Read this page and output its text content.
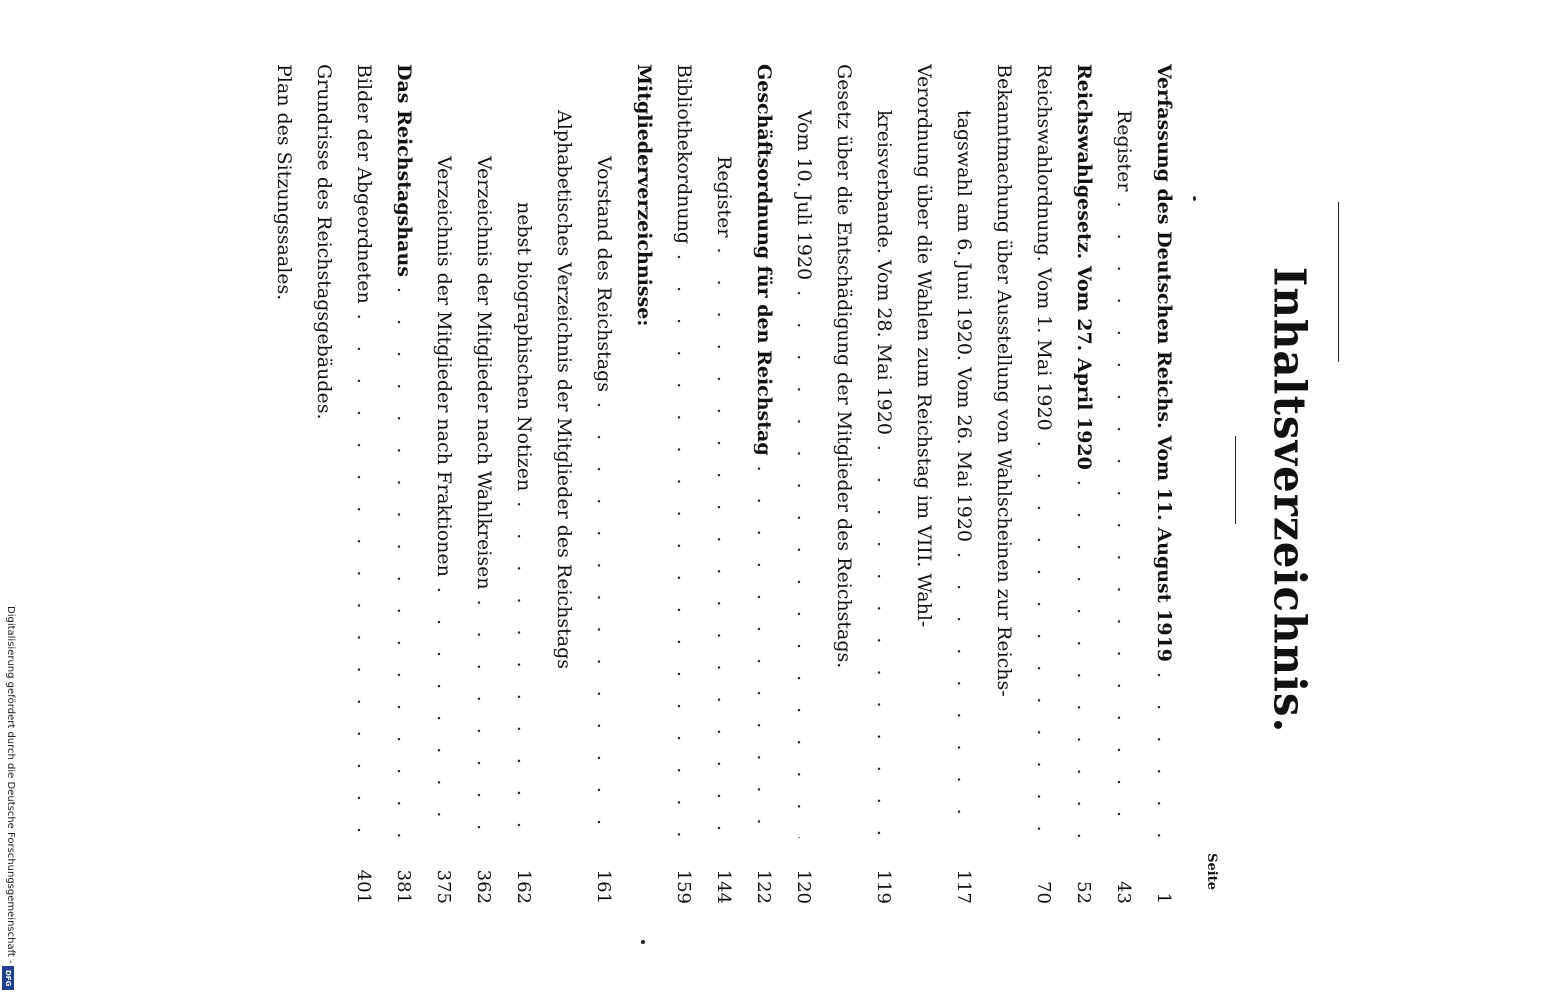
Inhaltsverzeichnis.
Seite
Verfassung des Deutschen Reichs. Vom 11. August 1919
. . .
1
Register
. . .
43
Reichswahlgesetz. Vom 27. April 1920
. . .
52
Reichswahlordnung. Vom 1. Mai 1920
. . .
70
Bekanntmachung über Ausstellung von Wahlscheinen zur Reichs-
tagswahl am 6. Juni 1920. Vom 26. Mai 1920
. . .
117
Verordnung über die Wahlen zum Reichstag im VIII. Wahl-
kreisverbande. Vom 28. Mai 1920
. . .
119
Gesetz über die Entschädigung der Mitglieder des Reichstags.
Vom 10. Juli 1920
. . .
120
Geschäftsordnung für den Reichstag
. . .
122
Register
. . .
144
Bibliothekordnung
. . .
159
Mitgliederverzeichnisse:
Vorstand des Reichstags
. . .
161
Alphabetisches Verzeichnis der Mitglieder des Reichstags
nebst biographischen Notizen
. . .
162
Verzeichnis der Mitglieder nach Wahlkreisen
. . .
362
Verzeichnis der Mitglieder nach Fraktionen
. . .
375
Das Reichstagshaus
. . .
381
Bilder der Abgeordneten
. . .
401
Grundrisse des Reichstagsgebäudes.
Plan des Sitzungssaales.
Digitalisierung gefördert durch die Deutsche Forschungsgemeinschaft -
DFG
